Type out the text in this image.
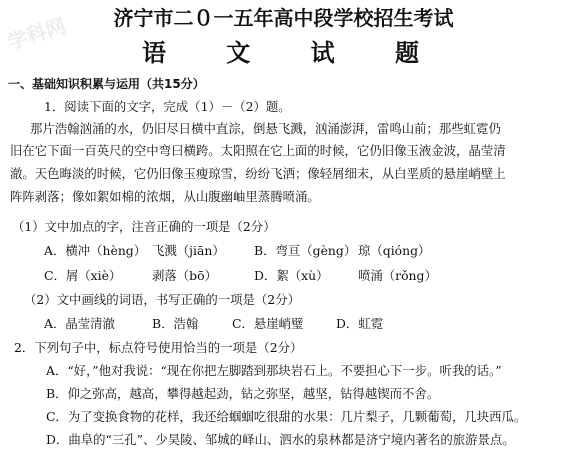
学科网	济宁市二０一五年高中段学校招生考试
语 文 试 题
一、基础知识积累与运用（共15分）
1．阅读下面的文字，完成（1）－（2）题。
那片浩翰汹涌的水，仍旧尽日横中直淙，倒悬飞溅，汹涌澎湃，雷鸣山前；那些虹霓仍
旧在它下面一百英尺的空中弯曰横跨。太阳照在它上面的时候，它仍旧像玉液金波，晶莹清
澈。天色晦淡的时候，它仍旧像玉瘦琼雪，纷纷飞洒；像轻屑细末，从白垩质的悬崖峭壁上
阵阵剥落；像如絮如棉的浓烟，从山腹幽岫里蒸腾喷涌。
（1）文中加点的字，注音正确的一项是（2分）
A．横冲（hèng） 飞溅（jiān） B．弯亘（gèng） 琼（qióng）
C．屑（xiè） 剥落（bō）	D．絮（xù） 喷涌（rǒng）
（2）文中画线的词语，书写正确的一项是（2分）
A．晶莹清澈	B．浩翰	C．悬崖峭璧	D．虹霓
2．下列句子中，标点符号使用恰当的一项是（2分）
A．“好，”他对我说：“现在你把左脚踏到那块岩石上。不要担心下一步。听我的话。”
B．仰之弥高，越高，攀得越起劲，钻之弥坚，越坚，钻得越锲而不舍。
C．为了变换食物的花样，我还给蝈蝈吃很甜的水果：几片梨子，几颗葡萄，几块西瓜。
D．曲阜的“三孔”、少昊陵、邹城的峄山、泗水的泉林都是济宁境内著名的旅游景点。
